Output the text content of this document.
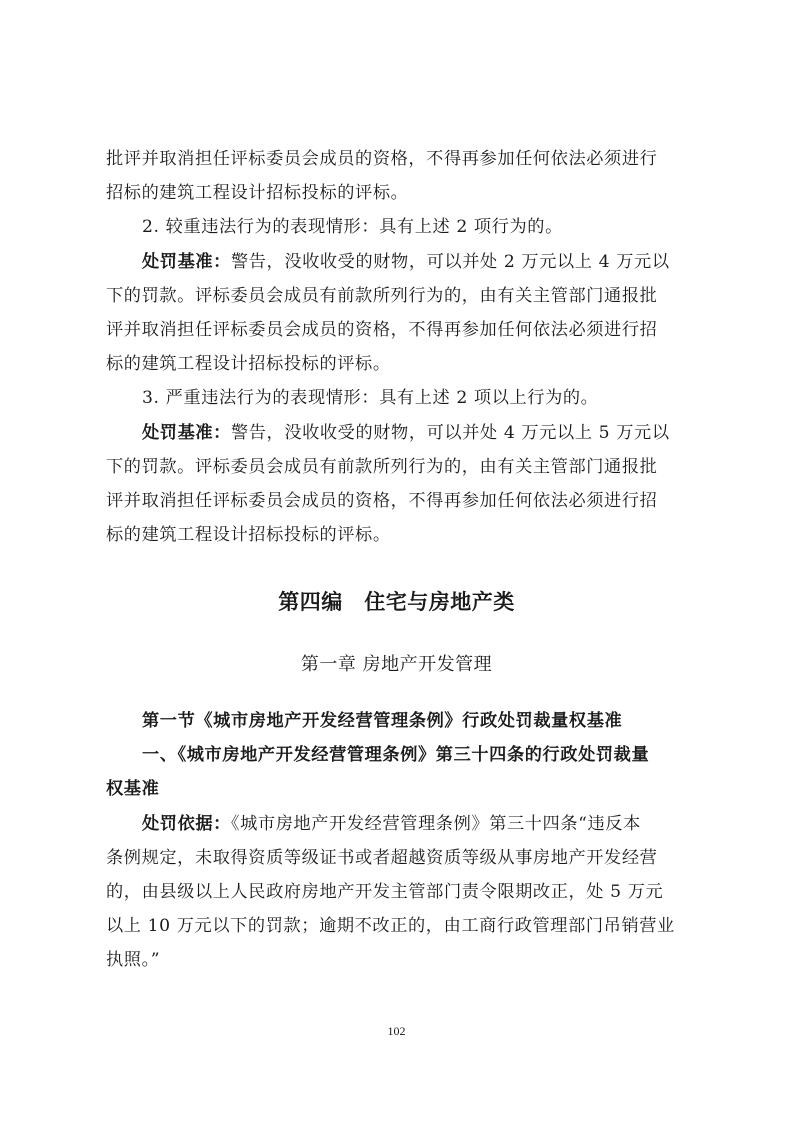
批评并取消担任评标委员会成员的资格，不得再参加任何依法必须进行
招标的建筑工程设计招标投标的评标。
2. 较重违法行为的表现情形：具有上述 2 项行为的。
处罚基准：警告，没收收受的财物，可以并处 2 万元以上 4 万元以
下的罚款。评标委员会成员有前款所列行为的，由有关主管部门通报批
评并取消担任评标委员会成员的资格，不得再参加任何依法必须进行招
标的建筑工程设计招标投标的评标。
3. 严重违法行为的表现情形：具有上述 2 项以上行为的。
处罚基准：警告，没收收受的财物，可以并处 4 万元以上 5 万元以
下的罚款。评标委员会成员有前款所列行为的，由有关主管部门通报批
评并取消担任评标委员会成员的资格，不得再参加任何依法必须进行招
标的建筑工程设计招标投标的评标。
第四编　住宅与房地产类
第一章 房地产开发管理
第一节《城市房地产开发经营管理条例》行政处罚裁量权基准
一、《城市房地产开发经营管理条例》第三十四条的行政处罚裁量
权基准
处罚依据：《城市房地产开发经营管理条例》第三十四条“违反本
条例规定，未取得资质等级证书或者超越资质等级从事房地产开发经营
的，由县级以上人民政府房地产开发主管部门责令限期改正，处 5 万元
以上 10 万元以下的罚款；逾期不改正的，由工商行政管理部门吊销营业
执照。”
102
